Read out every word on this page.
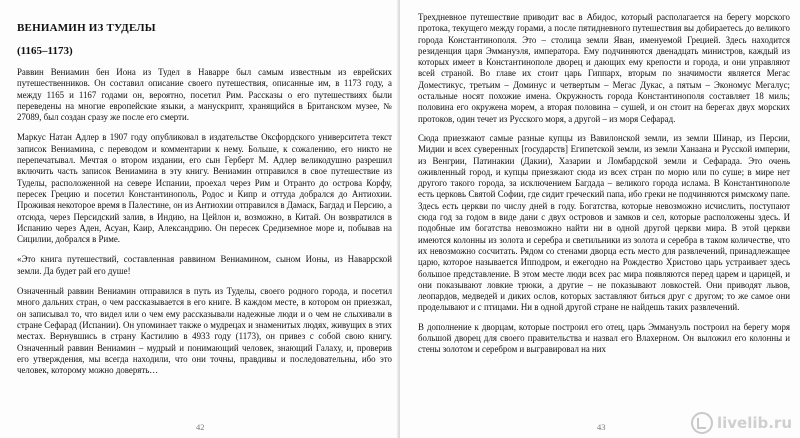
ВЕНИАМИН ИЗ ТУДЕЛЫ
(1165–1173)

Раввин Вениамин бен Иона из Тудел в Наварре был самым известным из еврейских путешественников. Он составил описание своего путешествия, описанные им, в 1173 году, а между 1165 и 1167 годами он, вероятно, посетил Рим. Рассказы о его путешествиях были переведены на многие европейские языки, а манускрипт, хранящийся в Британском музее, № 27089, был создан сразу же после его смерти.

Маркус Натан Адлер в 1907 году опубликовал в издательстве Оксфордского университета текст записок Вениамина, с переводом и комментарии к нему. Больше, к сожалению, его никто не перепечатывал. Мечтая о втором издании, его сын Герберт М. Адлер великодушно разрешил включить часть записок Вениамина в эту книгу. Вениамин отправился в свое путешествие из Туделы, расположенной на севере Испании, проехал через Рим и Отранто до острова Корфу, пересек Грецию и посетил Константинополь, Родос и Кипр и оттуда добрался до Антиохии. Проживая некоторое время в Палестине, он из Антиохии отправился в Дамаск, Багдад и Персию, а отсюда, через Персидский залив, в Индию, на Цейлон и, возможно, в Китай. Он возвратился в Испанию через Аден, Асуан, Каир, Александрию. Он пересек Средиземное море и, побывав на Сицилии, добрался в Риме.

«Это книга путешествий, составленная раввином Вениамином, сыном Ионы, из Наваррской земли. Да будет рай его душе!

Означенный раввин Вениамин отправился в путь из Туделы, своего родного города, и посетил много дальних стран, о чем рассказывается в его книге. В каждом месте, в котором он приезжал, он записывал то, что видел или о чем ему рассказывали надежные люди и о чем не слыхивали в стране Сефарад (Испании). Он упоминает также о мудрецах и знаменитых людях, живущих в этих местах. Вернувшись в страну Кастилию в 4933 году (1173), он привез с собой свою книгу. Означенный раввин Вениамин – мудрый и понимающий человек, знающий Галаху, и, проверив его утверждения, мы всегда находили, что они точны, правдивы и последовательны, ибо это человек, которому можно доверять…

42

Трехдневное путешествие приводит вас в Абидос, который располагается на берегу морского протока, текущего между горами, а после пятидневного путешествия вы добираетесь до великого города Константинополя. Это – столица земли Яван, именуемой Грецией. Здесь находится резиденция царя Эммануэля, императора. Ему подчиняются двенадцать министров, каждый из которых имеет в Константинополе дворец и дающих ему крепости и города, и они управляют всей страной. Во главе их стоит царь Гиппарх, вторым по значимости является Мегас Доместикус, третьим – Доминус и четвертым – Мегас Дукас, а пятым – Экономус Мегалус; остальные носят похожие имена. Окружность города Константинополя составляет 18 миль; половина его окружена морем, а вторая половина – сушей, и он стоит на берегах двух морских протоков, один течет из Русского моря, а другой – из моря Сефарад.

Сюда приезжают самые разные купцы из Вавилонской земли, из земли Шинар, из Персии, Мидии и всех суверенных [государств] Египетской земли, из земли Ханаана и Русской империи, из Венгрии, Патинакии (Дакии), Хазарии и Ломбардской земли и Сефарада. Это очень оживленный город, и купцы приезжают сюда из всех стран по морю или по суше; в мире нет другого такого города, за исключением Багдада – великого города ислама. В Константинополе есть церковь Святой Софии, где сидит греческий папа, ибо греки не подчиняются римскому папе. Здесь есть церкви по числу дней в году. Богатства, которые невозможно исчислить, поступают сюда год за годом в виде дани с двух островов и замков и сел, которые расположены здесь. И подобные им богатства невозможно найти ни в одной другой церкви мира. В этой церкви имеются колонны из золота и серебра и светильники из золота и серебра в таком количестве, что их невозможно сосчитать. Рядом со стенами дворца есть место для развлечений, принадлежащее царю, которое называется Ипподром, и ежегодно на Рождество Христово царь устраивает здесь большое представление. В этом месте люди всех рас мира появляются перед царем и царицей, и они показывают ловкие трюки, а другие – не показывают ловкостей. Они приводят львов, леопардов, медведей и диких ослов, которых заставляют биться друг с другом; то же самое они проделывают и с птицами. Ни в одной другой стране не найдешь таких развлечений.

В дополнение к дворцам, которые построил его отец, царь Эммануэль построил на берегу моря большой дворец для своего правительства и назвал его Влахерном. Он выложил его колонны и стены золотом и серебром и выгравировал на них

43	livelib.ru
